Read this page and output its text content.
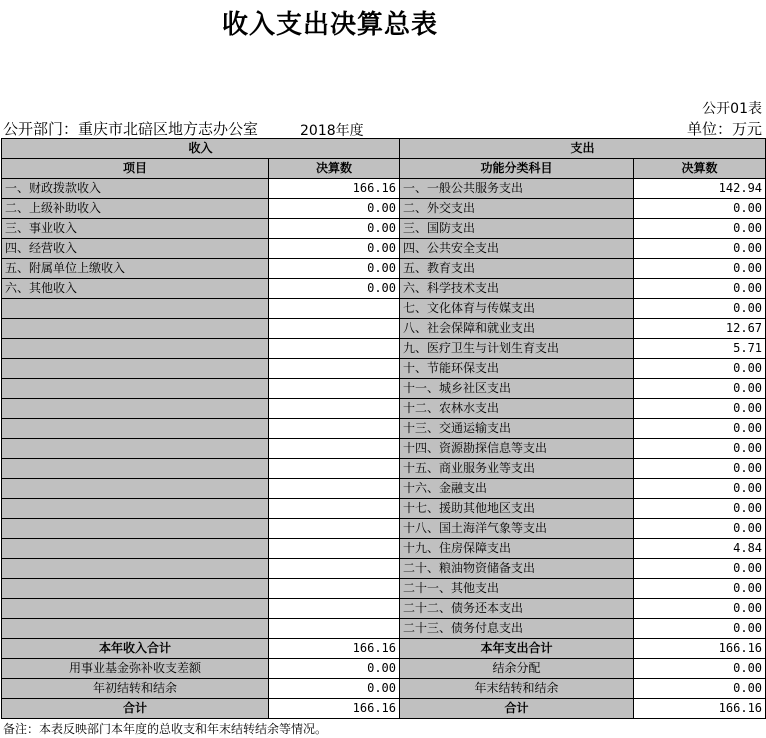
收入支出决算总表
公开01表
公开部门：重庆市北碚区地方志办公室	2018年度	单位：万元
收入		支出	
项目	决算数	功能分类科目	决算数
一、财政拨款收入	166.16	一、一般公共服务支出	142.94
二、上级补助收入	0.00	二、外交支出	0.00
三、事业收入	0.00	三、国防支出	0.00
四、经营收入	0.00	四、公共安全支出	0.00
五、附属单位上缴收入	0.00	五、教育支出	0.00
六、其他收入	0.00	六、科学技术支出	0.00
		七、文化体育与传媒支出	0.00
		八、社会保障和就业支出	12.67
		九、医疗卫生与计划生育支出	5.71
		十、节能环保支出	0.00
		十一、城乡社区支出	0.00
		十二、农林水支出	0.00
		十三、交通运输支出	0.00
		十四、资源勘探信息等支出	0.00
		十五、商业服务业等支出	0.00
		十六、金融支出	0.00
		十七、援助其他地区支出	0.00
		十八、国土海洋气象等支出	0.00
		十九、住房保障支出	4.84
		二十、粮油物资储备支出	0.00
		二十一、其他支出	0.00
		二十二、债务还本支出	0.00
		二十三、债务付息支出	0.00
本年收入合计	166.16	本年支出合计	166.16
用事业基金弥补收支差额	0.00	结余分配	0.00
年初结转和结余	0.00	年末结转和结余	0.00
合计	166.16	合计	166.16
备注：本表反映部门本年度的总收支和年末结转结余等情况。
